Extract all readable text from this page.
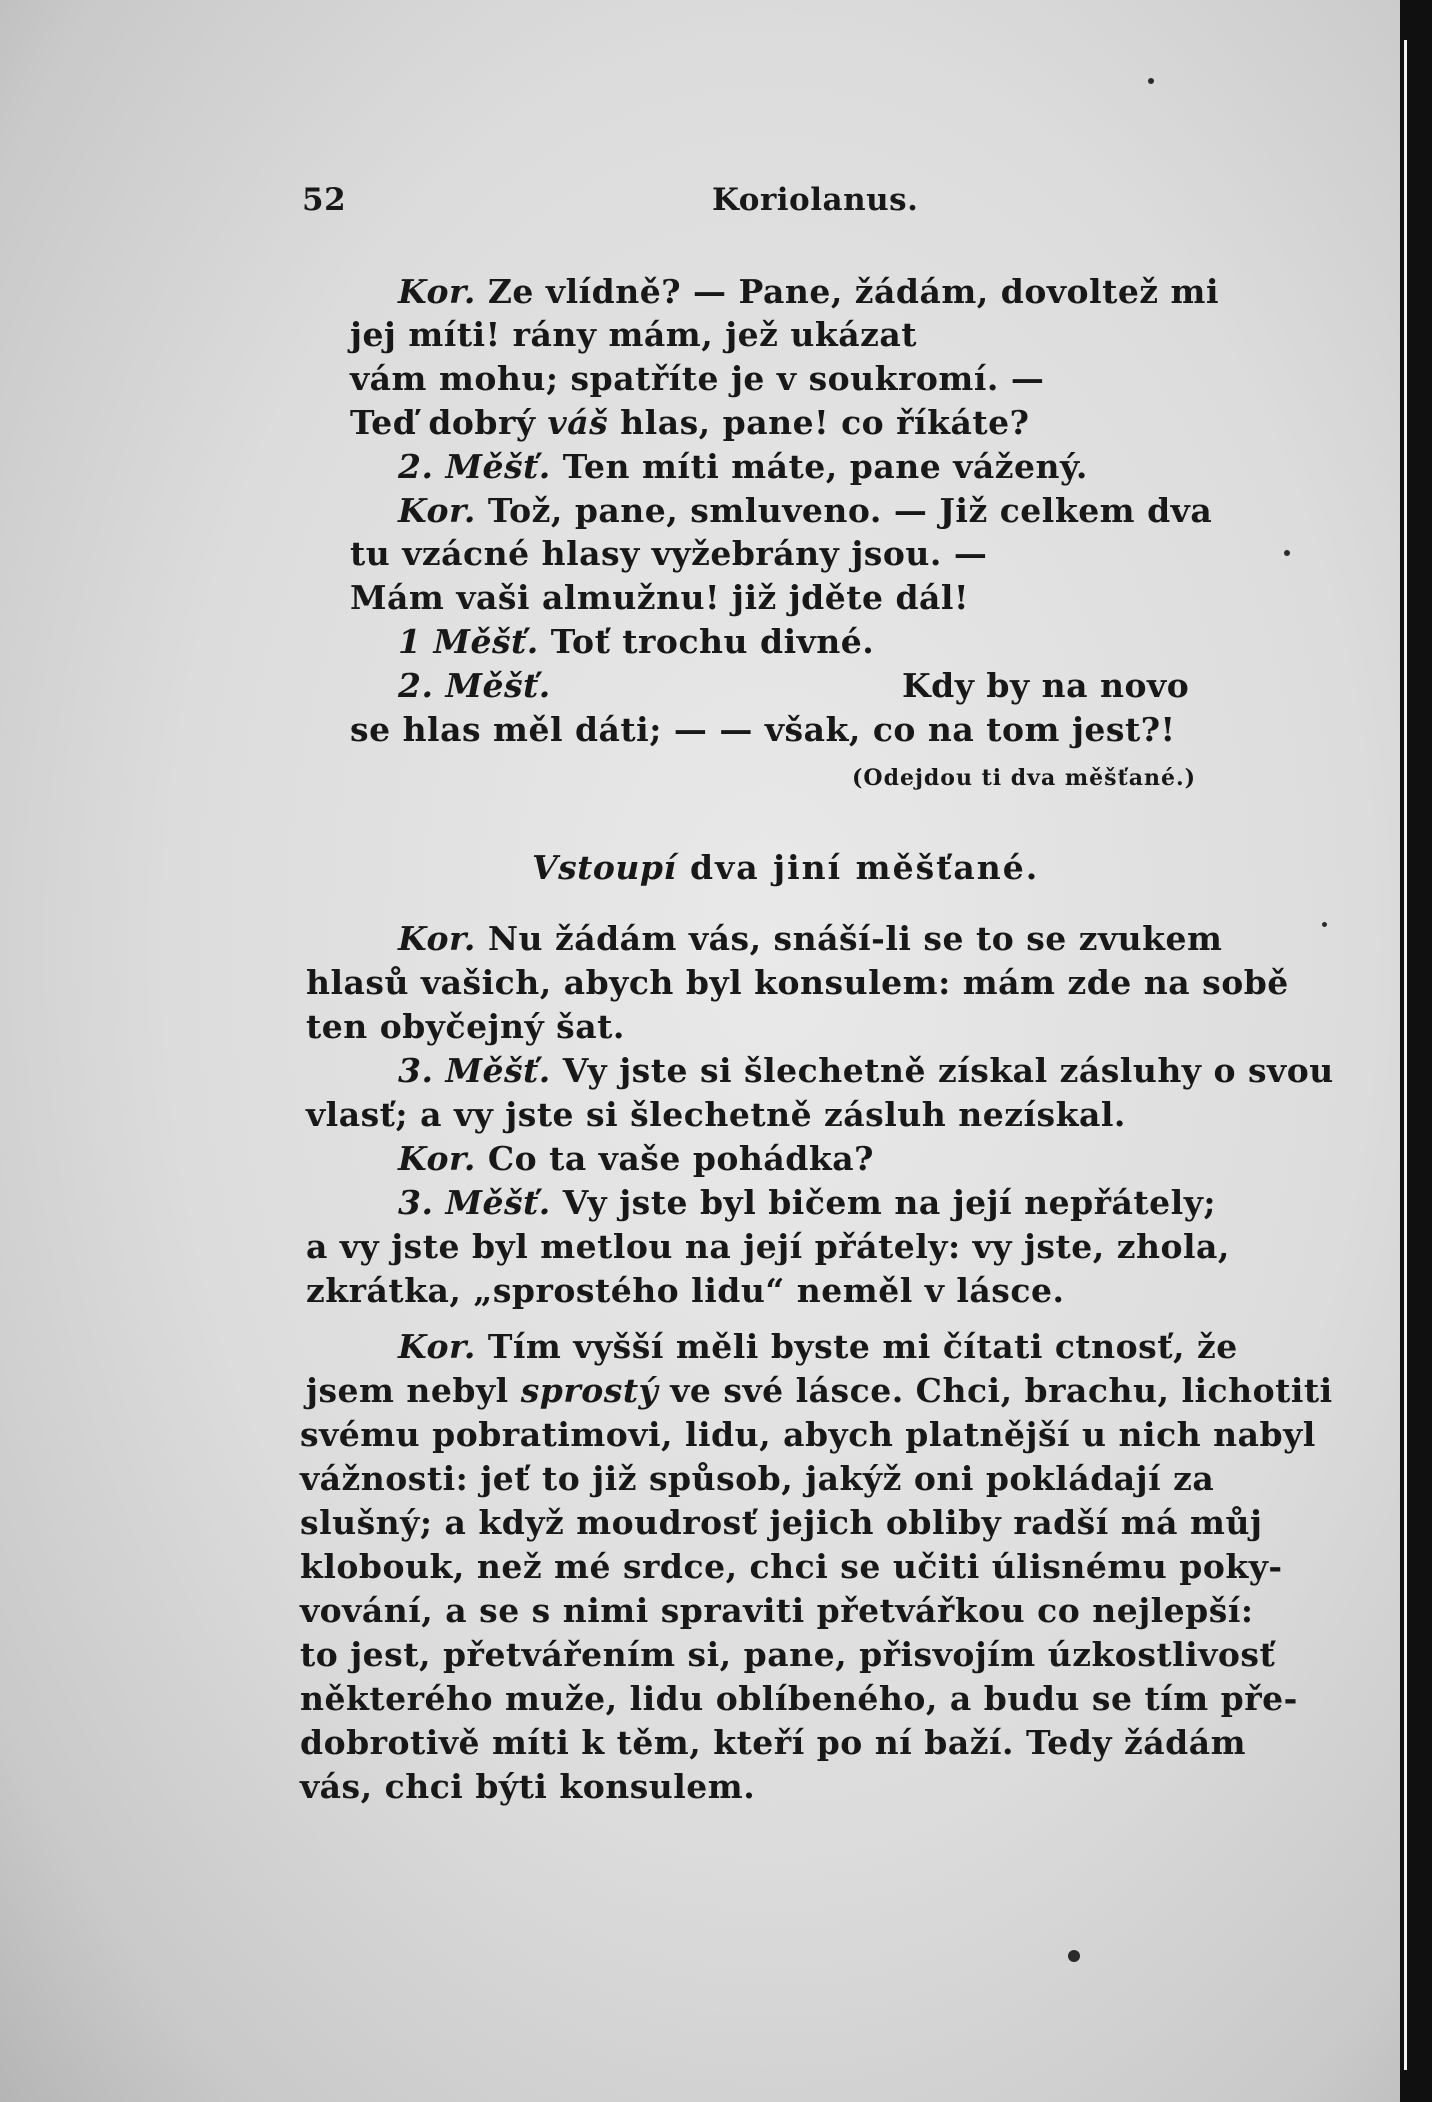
52	Koriolanus.
Kor. Ze vlídně? — Pane, žádám, dovoltež mi
jej míti! rány mám, jež ukázat
vám mohu; spatříte je v soukromí. —
Teď dobrý váš hlas, pane! co říkáte?
2. Měšť. Ten míti máte, pane vážený.
Kor. Tož, pane, smluveno. — Již celkem dva
tu vzácné hlasy vyžebrány jsou. —
Mám vaši almužnu! již jděte dál!
1 Měšť. Toť trochu divné.
2. Měšť.	Kdy by na novo
se hlas měl dáti; — — však, co na tom jest?!
(Odejdou ti dva měšťané.)
Vstoupí dva jiní měšťané.
Kor. Nu žádám vás, snáší-li se to se zvukem
hlasů vašich, abych byl konsulem: mám zde na sobě
ten obyčejný šat.
3. Měšť. Vy jste si šlechetně získal zásluhy o svou
vlasť; a vy jste si šlechetně zásluh nezískal.
Kor. Co ta vaše pohádka?
3. Měšť. Vy jste byl bičem na její nepřátely;
a vy jste byl metlou na její přátely: vy jste, zhola,
zkrátka, „sprostého lidu“ neměl v lásce.
Kor. Tím vyšší měli byste mi čítati ctnosť, že
jsem nebyl sprostý ve své lásce. Chci, brachu, lichotiti
svému pobratimovi, lidu, abych platnější u nich nabyl
vážnosti: jeť to již spůsob, jakýž oni pokládají za
slušný; a když moudrosť jejich obliby radší má můj
klobouk, než mé srdce, chci se učiti úlisnému poky-
vování, a se s nimi spraviti přetvářkou co nejlepší:
to jest, přetvářením si, pane, přisvojím úzkostlivosť
některého muže, lidu oblíbeného, a budu se tím pře-
dobrotivě míti k těm, kteří po ní baží. Tedy žádám
vás, chci býti konsulem.
